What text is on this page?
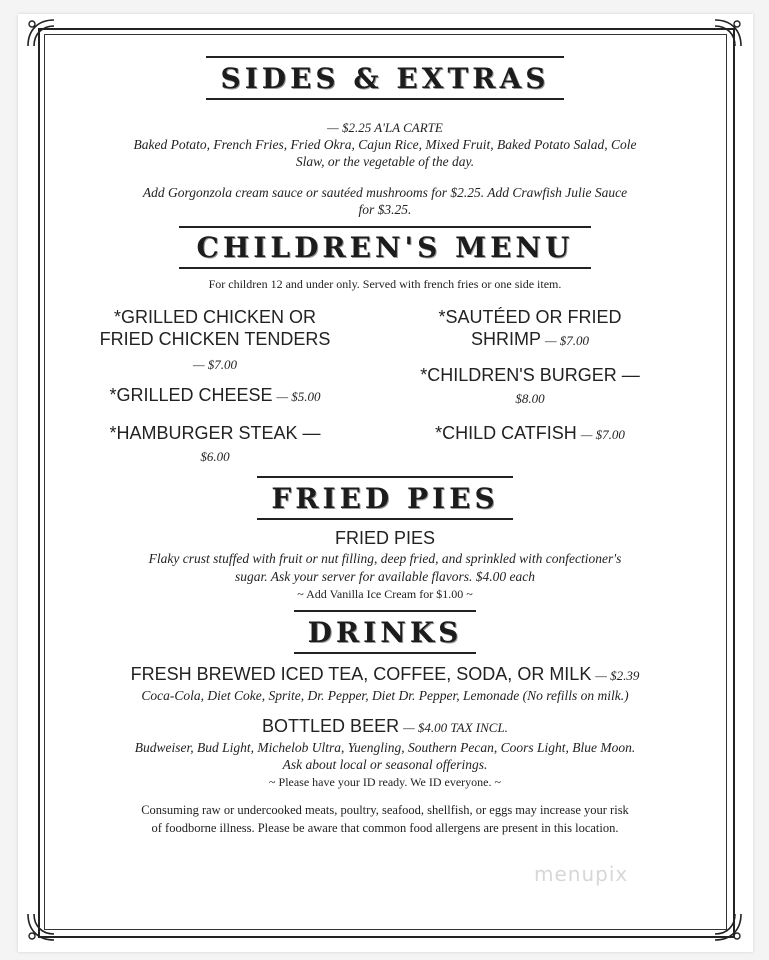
SIDES & EXTRAS
— $2.25 A'LA CARTE
Baked Potato, French Fries, Fried Okra, Cajun Rice, Mixed Fruit, Baked Potato Salad, Cole
Slaw, or the vegetable of the day.
Add Gorgonzola cream sauce or sautéed mushrooms for $2.25. Add Crawfish Julie Sauce
for $3.25.
CHILDREN'S MENU
For children 12 and under only. Served with french fries or one side item.
*GRILLED CHICKEN OR
FRIED CHICKEN TENDERS
— $7.00
*GRILLED CHEESE — $5.00
*HAMBURGER STEAK —
$6.00
*SAUTÉED OR FRIED
SHRIMP — $7.00
*CHILDREN'S BURGER —
$8.00
*CHILD CATFISH — $7.00
FRIED PIES
FRIED PIES
Flaky crust stuffed with fruit or nut filling, deep fried, and sprinkled with confectioner's
sugar. Ask your server for available flavors. $4.00 each
~ Add Vanilla Ice Cream for $1.00 ~
DRINKS
FRESH BREWED ICED TEA, COFFEE, SODA, OR MILK — $2.39
Coca-Cola, Diet Coke, Sprite, Dr. Pepper, Diet Dr. Pepper, Lemonade (No refills on milk.)
BOTTLED BEER — $4.00 TAX INCL.
Budweiser, Bud Light, Michelob Ultra, Yuengling, Southern Pecan, Coors Light, Blue Moon.
Ask about local or seasonal offerings.
~ Please have your ID ready. We ID everyone. ~
Consuming raw or undercooked meats, poultry, seafood, shellfish, or eggs may increase your risk
of foodborne illness. Please be aware that common food allergens are present in this location.
menupix
